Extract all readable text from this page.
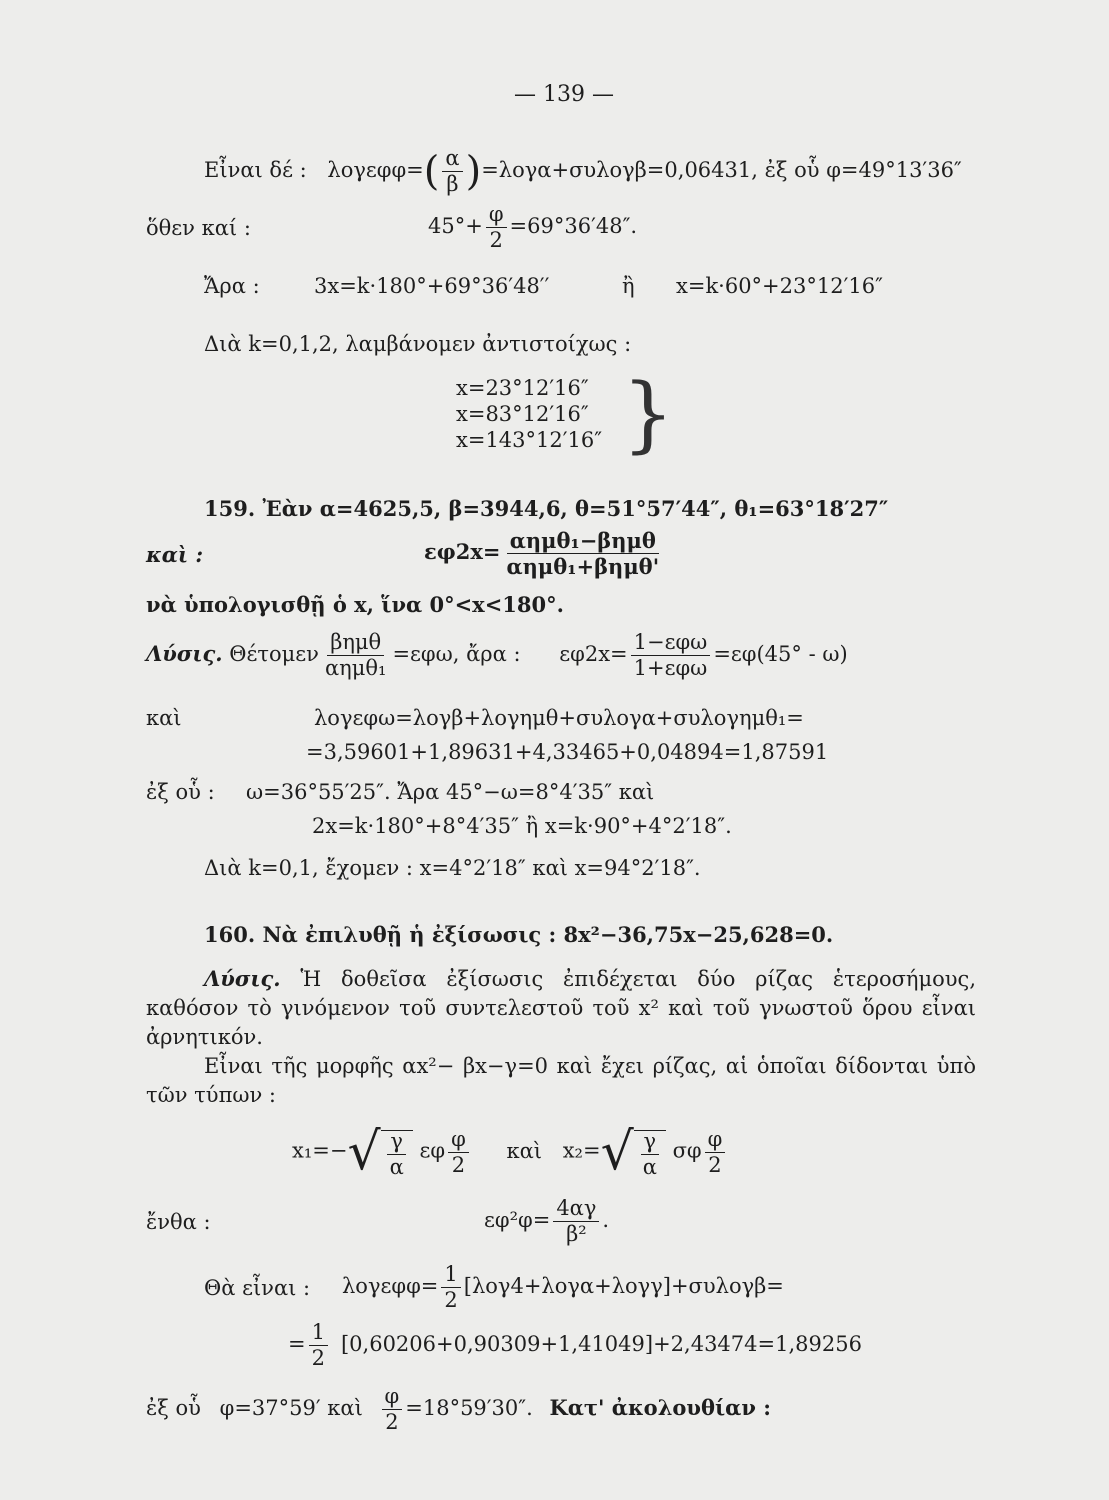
— 139 —
Εἶναι δέ : $\lambda o\gamma\varepsilon\varphi\varphi=( \frac{\alpha}{\beta} )=\lambda o\gamma\alpha+\sigma\upsilon\lambda o\gamma\beta=0,06431$, ἐξ οὗ φ=49°13′36″
ὅθεν καί :	$45^\circ+ \frac{\varphi}{2} =69^\circ 36'48''$.
Ἄρα :	3x=k·180°+69°36′48′′	ἢ x=k·60°+23°12′16″
Διὰ k=0,1,2, λαμβάνομεν ἀντιστοίχως :
x=23°12′16″
x=83°12′16″
x=143°12′16″ }
159. Ἐὰν α=4625,5, β=3944,6, θ=51°57′44″, θ₁=63°18′27″
καὶ :	$\varepsilon\varphi 2x= \frac{\text{αημθ₁−βημθ}}{\text{αημθ₁+βημθ'}}$
νὰ ὑπολογισθῇ ὁ x, ἵνα 0°<x<180°.
Λύσις. Θέτομεν $\frac{\text{βημθ}}{\text{αημθ₁}} =\varepsilon\varphi\omega$, ἄρα : $\varepsilon\varphi 2x= \frac{\text{1−εφω}}{\text{1+εφω}} =\varepsilon\varphi(45^\circ - \omega)$
καὶ	λογεφω=λογβ+λογημθ+συλογα+συλογημθ₁=
=3,59601+1,89631+4,33465+0,04894=1,87591
ἐξ οὗ : ω=36°55′25″. Ἄρα 45°−ω=8°4′35″ καὶ
2x=k·180°+8°4′35″ ἢ x=k·90°+4°2′18″.
Διὰ k=0,1, ἔχομεν : x=4°2′18″ καὶ x=94°2′18″.
160. Νὰ ἐπιλυθῇ ἡ ἐξίσωσις : 8x²−36,75x−25,628=0.
Λύσις. Ἡ δοθεῖσα ἐξίσωσις ἐπιδέχεται δύο ρίζας ἑτεροσήμους, καθόσον τὸ γινόμενον τοῦ συντελεστοῦ τοῦ x² καὶ τοῦ γνωστοῦ ὅρου εἶναι ἀρνητικόν.
Εἶναι τῆς μορφῆς αx²− βx−γ=0 καὶ ἔχει ρίζας, αἱ ὁποῖαι δίδονται ὑπὸ τῶν τύπων :
x₁=− √ $\frac{\gamma}{\alpha}$ εφ $\frac{\varphi}{2}$ καὶ x₂= √ $\frac{\gamma}{\alpha}$ σφ $\frac{\varphi}{2}$
ἔνθα :	$\varepsilon\varphi^2\varphi= \frac{4\alpha\gamma}{\text{β²}}$ .
Θὰ εἶναι : $\lambda o\gamma\varepsilon\varphi\varphi= \frac{1}{2} [\lambda o\gamma 4+\lambda o\gamma\alpha+\lambda o\gamma\gamma]+\sigma\upsilon\lambda o\gamma\beta=$
= $\frac{1}{2} [0,60206+0,90309+1,41049]+2,43474=1,89256$
ἐξ οὗ φ=37°59′ καὶ $\frac{\varphi}{2} =18^\circ 59'30''$. Κατ' ἀκολουθίαν :
